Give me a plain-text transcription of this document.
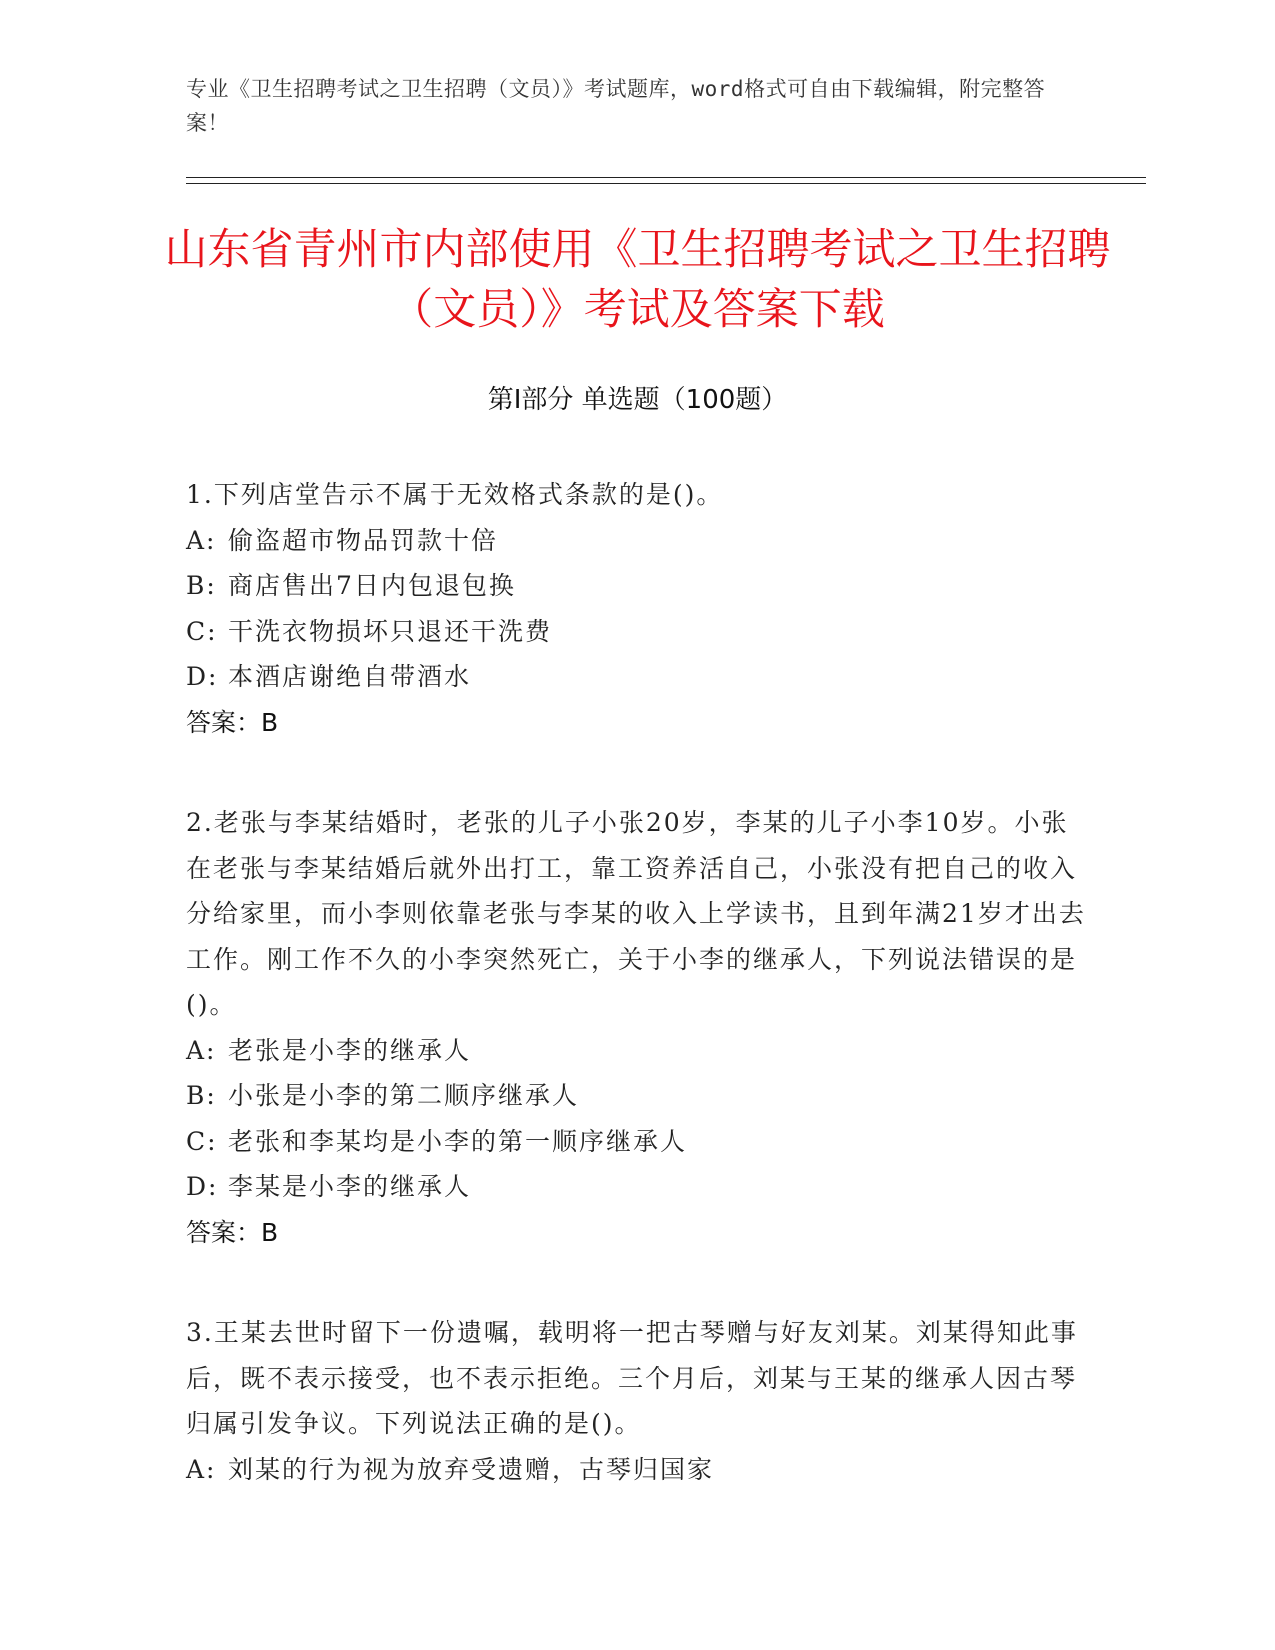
专业《卫生招聘考试之卫生招聘（文员）》考试题库，word格式可自由下载编辑，附完整答案！
山东省青州市内部使用《卫生招聘考试之卫生招聘（文员）》考试及答案下载
第Ⅰ部分 单选题（100题）

1.下列店堂告示不属于无效格式条款的是()。

A: 偷盗超市物品罚款十倍
B: 商店售出7日内包退包换
C: 干洗衣物损坏只退还干洗费
D: 本酒店谢绝自带酒水
答案：B

2.老张与李某结婚时，老张的儿子小张20岁，李某的儿子小李10岁。小张在老张与李某结婚后就外出打工，靠工资养活自己，小张没有把自己的收入分给家里，而小李则依靠老张与李某的收入上学读书，且到年满21岁才出去工作。刚工作不久的小李突然死亡，关于小李的继承人，下列说法错误的是()。

A: 老张是小李的继承人
B: 小张是小李的第二顺序继承人
C: 老张和李某均是小李的第一顺序继承人
D: 李某是小李的继承人
答案：B

3.王某去世时留下一份遗嘱，载明将一把古琴赠与好友刘某。刘某得知此事后，既不表示接受，也不表示拒绝。三个月后，刘某与王某的继承人因古琴归属引发争议。下列说法正确的是()。

A: 刘某的行为视为放弃受遗赠，古琴归国家
